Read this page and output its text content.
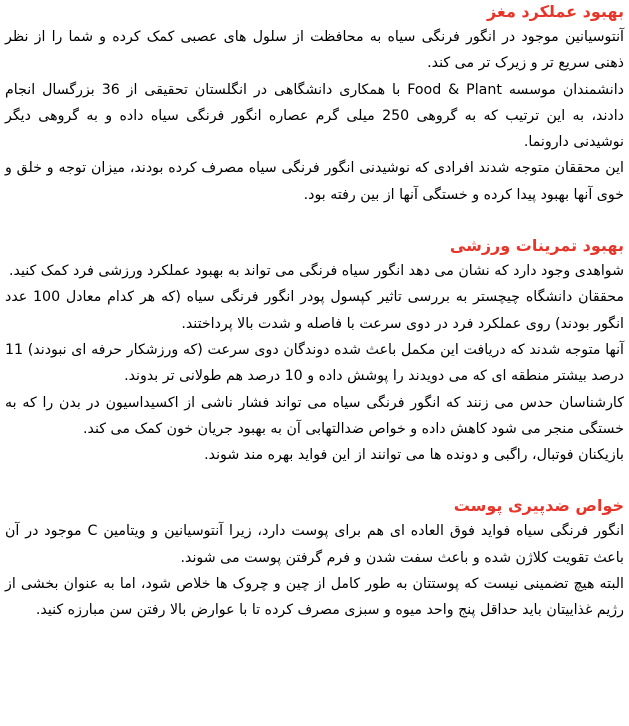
بهبود عملکرد مغز

آنتوسیانین موجود در انگور فرنگی سیاه به محافظت از سلول های عصبی کمک کرده و شما را از نظر ذهنی سریع تر و زیرک تر می کند.

دانشمندان موسسه Food & Plant با همکاری دانشگاهی در انگلستان تحقیقی از 36 بزرگسال انجام دادند، به این ترتیب که به گروهی 250 میلی گرم عصاره انگور فرنگی سیاه داده و به گروهی دیگر نوشیدنی دارونما.

این محققان متوجه شدند افرادی که نوشیدنی انگور فرنگی سیاه مصرف کرده بودند، میزان توجه و خلق و خوی آنها بهبود پیدا کرده و خستگی آنها از بین رفته بود.

بهبود تمرینات ورزشی

شواهدی وجود دارد که نشان می دهد انگور سیاه فرنگی می تواند به بهبود عملکرد ورزشی فرد کمک کنید.

محققان دانشگاه چیچستر به بررسی تاثیر کپسول پودر انگور فرنگی سیاه (که هر کدام معادل 100 عدد انگور بودند) روی عملکرد فرد در دوی سرعت با فاصله و شدت بالا پرداختند.

آنها متوجه شدند که دریافت این مکمل باعث شده دوندگان دوی سرعت (که ورزشکار حرفه ای نبودند) 11 درصد بیشتر منطقه ای که می دویدند را پوشش داده و 10 درصد هم طولانی تر بدوند.

کارشناسان حدس می زنند که انگور فرنگی سیاه می تواند فشار ناشی از اکسیداسیون در بدن را که به خستگی منجر می شود کاهش داده و خواص ضدالتهابی آن به بهبود جریان خون کمک می کند.

بازیکنان فوتبال، راگبی و دونده ها می توانند از این فواید بهره مند شوند.

خواص ضدپیری پوست

انگور فرنگی سیاه فواید فوق العاده ای هم برای پوست دارد، زیرا آنتوسیانین و ویتامین C موجود در آن باعث تقویت کلاژن شده و باعث سفت شدن و فرم گرفتن پوست می شوند.

البته هیچ تضمینی نیست که پوستتان به طور کامل از چین و چروک ها خلاص شود، اما به عنوان بخشی از رژیم غذاییتان باید حداقل پنج واحد میوه و سبزی مصرف کرده تا با عوارض بالا رفتن سن مبارزه کنید.
